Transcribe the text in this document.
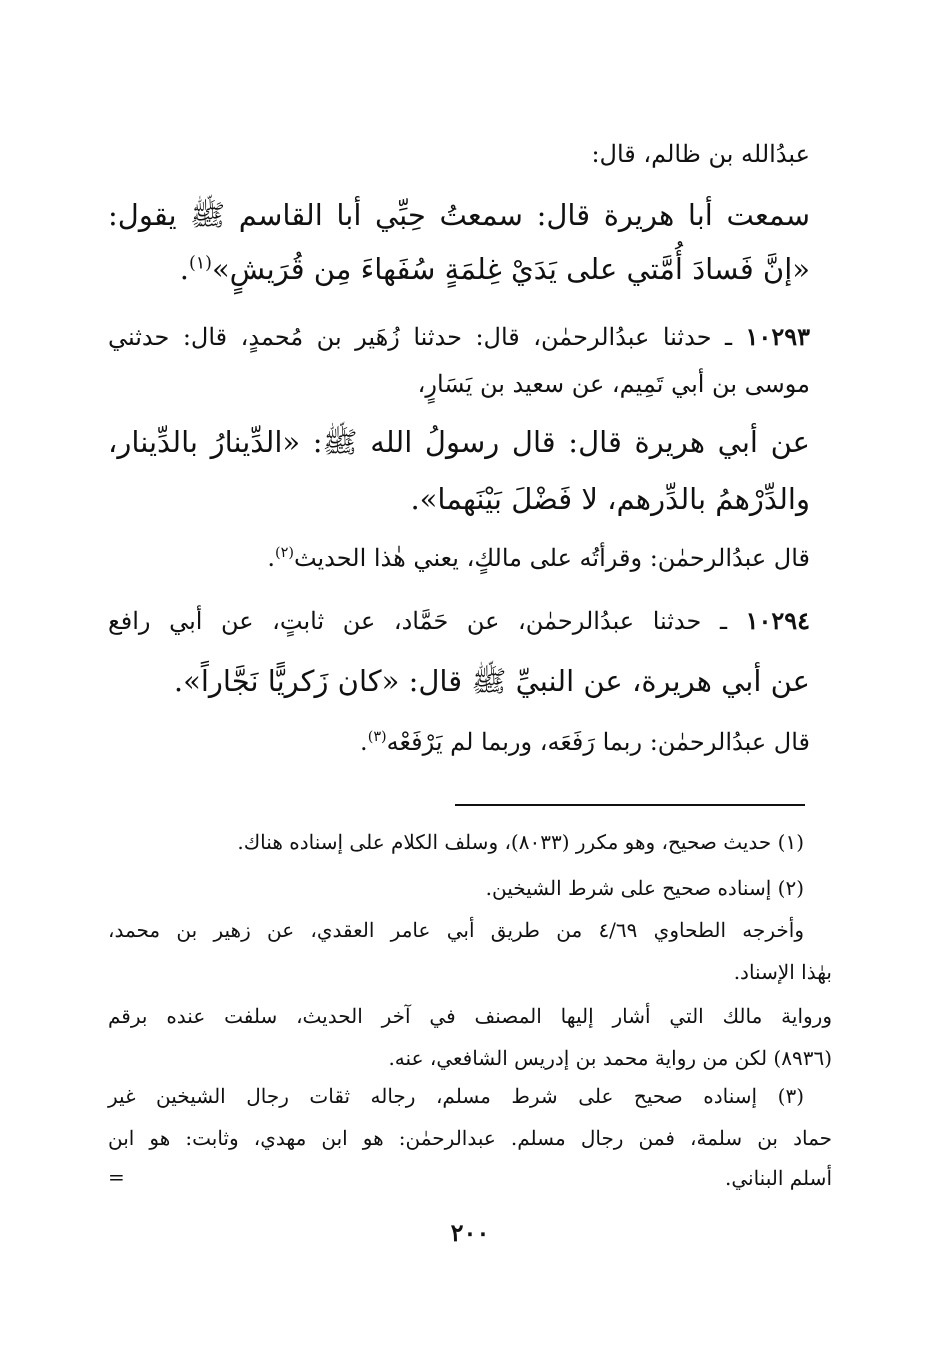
عبدُالله بن ظالم، قال:
سمعت أبا هريرة قال: سمعتُ حِبِّي أبا القاسم ﷺ يقول:
«إنَّ فَسادَ أُمَّتي على يَدَيْ غِلمَةٍ سُفَهاءَ مِن قُرَيشٍ»$^{(١)}$.
١٠٢٩٣ ـ حدثنا عبدُالرحمٰن، قال: حدثنا زُهَير بن مُحمدٍ، قال: حدثني
موسى بن أبي تَمِيم، عن سعيد بن يَسَارٍ،
عن أبي هريرة قال: قال رسولُ الله ﷺ: «الدِّينارُ بالدِّينار،
والدِّرْهمُ بالدِّرهم، لا فَضْلَ بَيْنَهما».
قال عبدُالرحمٰن: وقرأتُه على مالكٍ، يعني هٰذا الحديث$^{(٢)}$.
١٠٢٩٤ ـ حدثنا عبدُالرحمٰن، عن حَمَّاد، عن ثابتٍ، عن أبي رافع
عن أبي هريرة، عن النبيِّ ﷺ قال: «كان زَكريًّا نَجَّاراً».
قال عبدُالرحمٰن: ربما رَفَعَه، وربما لم يَرْفَعْه$^{(٣)}$.
(١) حديث صحيح، وهو مكرر (٨٠٣٣)، وسلف الكلام على إسناده هناك.
(٢) إسناده صحيح على شرط الشيخين.
وأخرجه الطحاوي ٤/٦٩ من طريق أبي عامر العقدي، عن زهير بن محمد،
بهٰذا الإسناد.
ورواية مالك التي أشار إليها المصنف في آخر الحديث، سلفت عنده برقم
(٨٩٣٦) لكن من رواية محمد بن إدريس الشافعي، عنه.
(٣) إسناده صحيح على شرط مسلم، رجاله ثقات رجال الشيخين غير
حماد بن سلمة، فمن رجال مسلم. عبدالرحمٰن: هو ابن مهدي، وثابت: هو ابن
أسلم البناني.
=
٢٠٠
